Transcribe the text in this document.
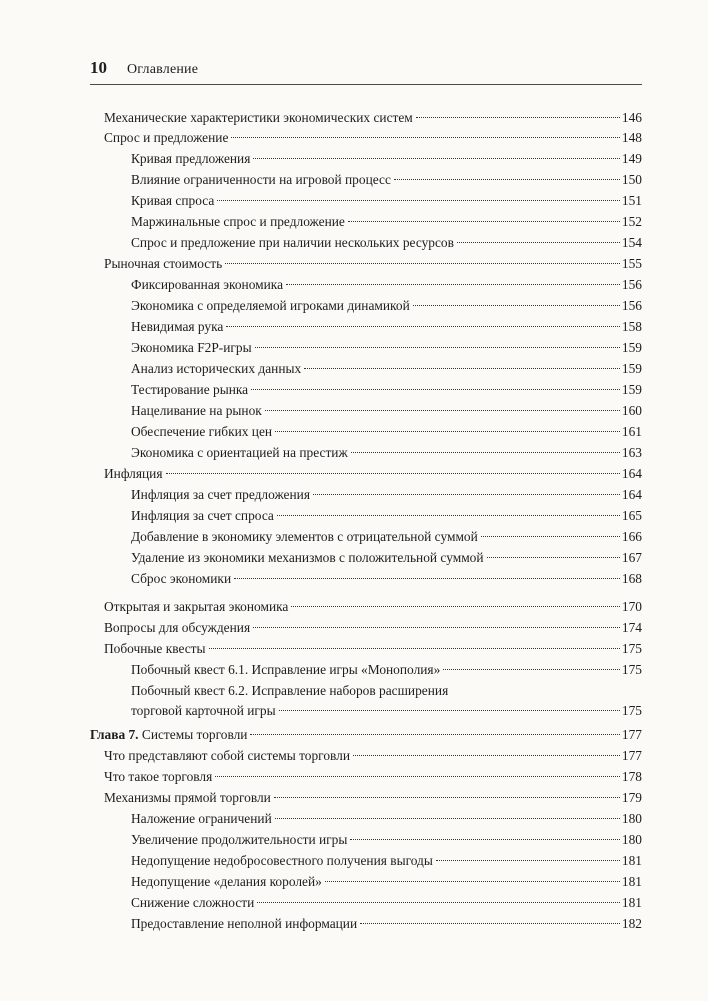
10 Оглавление
Механические характеристики экономических систем	146
Спрос и предложение	148
Кривая предложения	149
Влияние ограниченности на игровой процесс	150
Кривая спроса	151
Маржинальные спрос и предложение	152
Спрос и предложение при наличии нескольких ресурсов	154
Рыночная стоимость	155
Фиксированная экономика	156
Экономика с определяемой игроками динамикой	156
Невидимая рука	158
Экономика F2P-игры	159
Анализ исторических данных	159
Тестирование рынка	159
Нацеливание на рынок	160
Обеспечение гибких цен	161
Экономика с ориентацией на престиж	163
Инфляция	164
Инфляция за счет предложения	164
Инфляция за счет спроса	165
Добавление в экономику элементов с отрицательной суммой	166
Удаление из экономики механизмов с положительной суммой	167
Сброс экономики	168
Открытая и закрытая экономика	170
Вопросы для обсуждения	174
Побочные квесты	175
Побочный квест 6.1. Исправление игры «Монополия»	175
Побочный квест 6.2. Исправление наборов расширения
торговой карточной игры	175
Глава 7. Системы торговли	177
Что представляют собой системы торговли	177
Что такое торговля	178
Механизмы прямой торговли	179
Наложение ограничений	180
Увеличение продолжительности игры	180
Недопущение недобросовестного получения выгоды	181
Недопущение «делания королей»	181
Снижение сложности	181
Предоставление неполной информации	182
